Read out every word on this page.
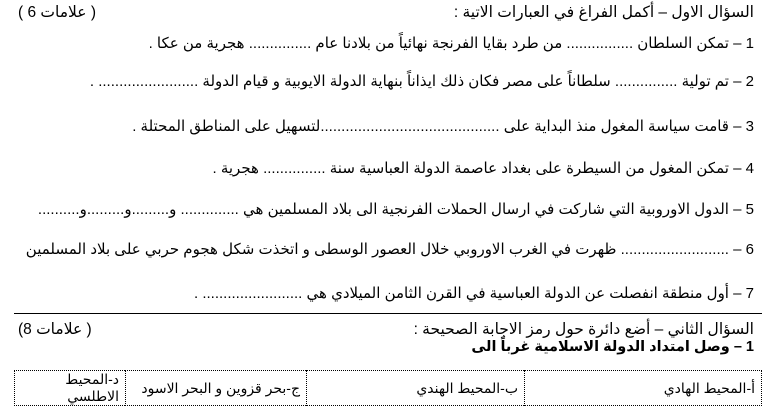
السؤال الاول – أكمل الفراغ في العبارات الاتية :
( 6 علامات )
1 – تمكن السلطان ................ من طرد بقايا الفرنجة نهائياً من بلادنا عام ............... هجرية من عكا .
2 – تم تولية ............... سلطاناً على مصر فكان ذلك ايذاناً بنهاية الدولة الايوبية و قيام الدولة ........................ .
3 – قامت سياسة المغول منذ البداية على ...........................................لتسهيل على المناطق المحتلة .
4 – تمكن المغول من السيطرة على بغداد عاصمة الدولة العباسية سنة ............... هجرية .
5 – الدول الاوروبية التي شاركت في ارسال الحملات الفرنجية الى بلاد المسلمين هي .............. و.........و.........و..........
6 – .......................... ظهرت في الغرب الاوروبي خلال العصور الوسطى و اتخذت شكل هجوم حربي على بلاد المسلمين
7 – أول منطقة انفصلت عن الدولة العباسية في القرن الثامن الميلادي هي ........................ .
السؤال الثاني – أضع دائرة حول رمز الاجابة الصحيحة :
(8 علامات )
1 – وصل امتداد الدولة الاسلامية غرباً الى
أ-المحيط الهادي	ب-المحيط الهندي	ج-بحر قزوين و البحر الاسود	د-المحيط الاطلسي
